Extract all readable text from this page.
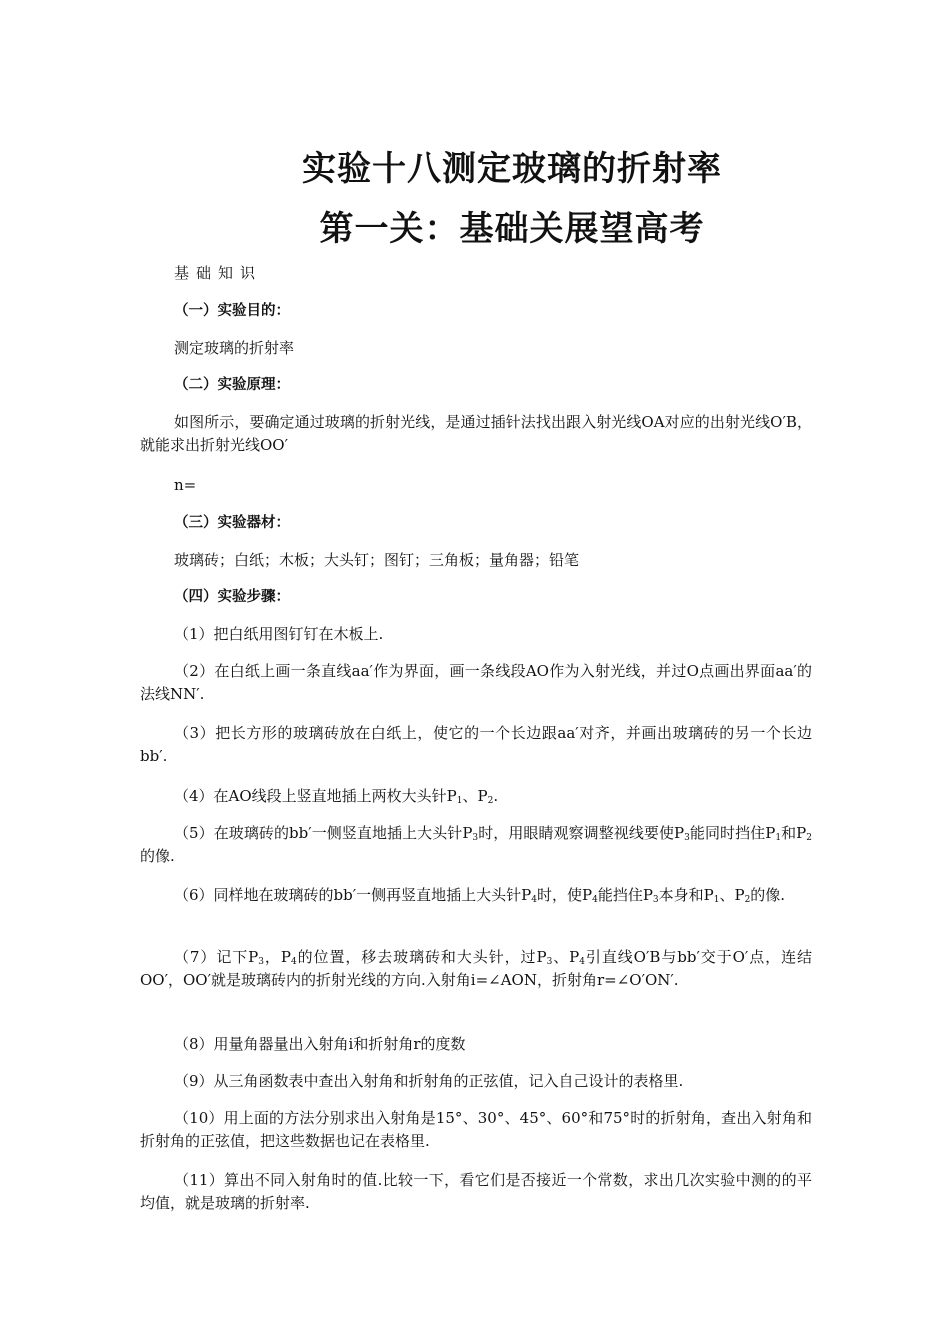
实验十八测定玻璃的折射率
第一关：基础关展望高考

基础知识

（一）实验目的：

测定玻璃的折射率

（二）实验原理：

如图所示，要确定通过玻璃的折射光线，是通过插针法找出跟入射光线OA对应的出射光线O′B，就能求出折射光线OO′

n=

（三）实验器材：

玻璃砖；白纸；木板；大头钉；图钉；三角板；量角器；铅笔

（四）实验步骤：

（1）把白纸用图钉钉在木板上.

（2）在白纸上画一条直线aa′作为界面，画一条线段AO作为入射光线，并过O点画出界面aa′的法线NN′.

（3）把长方形的玻璃砖放在白纸上，使它的一个长边跟aa′对齐，并画出玻璃砖的另一个长边bb′.

（4）在AO线段上竖直地插上两枚大头针$P_1$、$P_2$.

（5）在玻璃砖的bb′一侧竖直地插上大头针$P_3$时，用眼睛观察调整视线要使$P_3$能同时挡住$P_1$和$P_2$的像.

（6）同样地在玻璃砖的bb′一侧再竖直地插上大头针$P_4$时，使$P_4$能挡住$P_3$本身和$P_1$、$P_2$的像.

（7）记下$P_3$，$P_4$的位置，移去玻璃砖和大头针，过$P_3$、$P_4$引直线O′B与bb′交于O′点，连结OO′，OO′就是玻璃砖内的折射光线的方向.入射角i=∠AON，折射角r=∠O′ON′.

（8）用量角器量出入射角i和折射角r的度数

（9）从三角函数表中查出入射角和折射角的正弦值，记入自己设计的表格里.

（10）用上面的方法分别求出入射角是15°、30°、45°、60°和75°时的折射角，查出入射角和折射角的正弦值，把这些数据也记在表格里.

（11）算出不同入射角时的值.比较一下，看它们是否接近一个常数，求出几次实验中测的的平均值，就是玻璃的折射率.
